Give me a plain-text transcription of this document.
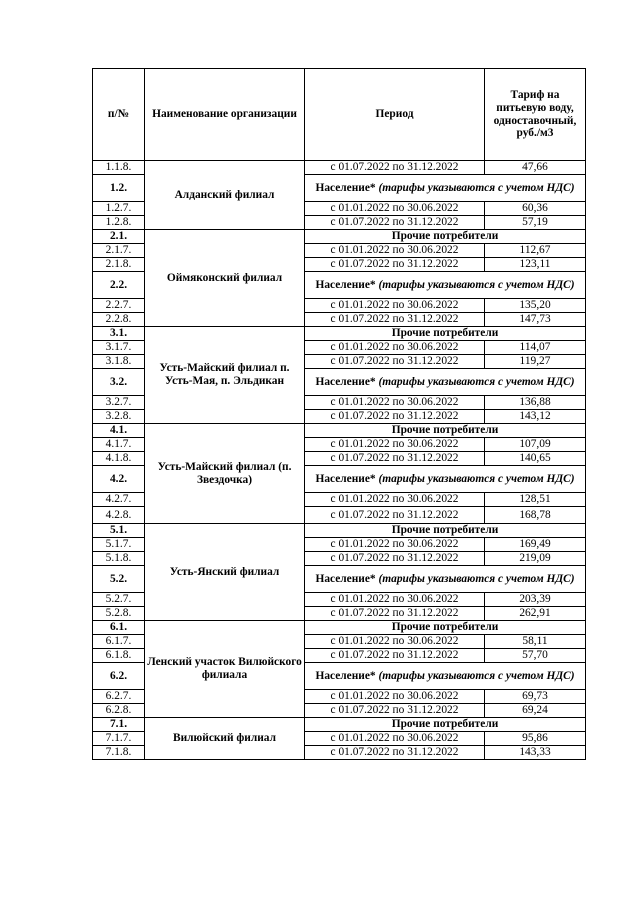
п/№	Наименование организации	Период	Тариф на питьевую воду, одноставочный, руб./м3
1.1.8.	Алданский филиал	с 01.07.2022 по 31.12.2022	47,66
1.2.		Население* (тарифы указываются с учетом НДС)	
1.2.7.		с 01.01.2022 по 30.06.2022	60,36
1.2.8.		с 01.07.2022 по 31.12.2022	57,19
2.1.	Оймяконский филиал	Прочие потребители	
2.1.7.		с 01.01.2022 по 30.06.2022	112,67
2.1.8.		с 01.07.2022 по 31.12.2022	123,11
2.2.		Население* (тарифы указываются с учетом НДС)	
2.2.7.		с 01.01.2022 по 30.06.2022	135,20
2.2.8.		с 01.07.2022 по 31.12.2022	147,73
3.1.	Усть-Майский филиал п. Усть-Мая, п. Эльдикан	Прочие потребители	
3.1.7.		с 01.01.2022 по 30.06.2022	114,07
3.1.8.		с 01.07.2022 по 31.12.2022	119,27
3.2.		Население* (тарифы указываются с учетом НДС)	
3.2.7.		с 01.01.2022 по 30.06.2022	136,88
3.2.8.		с 01.07.2022 по 31.12.2022	143,12
4.1.	Усть-Майский филиал (п. Звездочка)	Прочие потребители	
4.1.7.		с 01.01.2022 по 30.06.2022	107,09
4.1.8.		с 01.07.2022 по 31.12.2022	140,65
4.2.		Население* (тарифы указываются с учетом НДС)	
4.2.7.		с 01.01.2022 по 30.06.2022	128,51
4.2.8.		с 01.07.2022 по 31.12.2022	168,78
5.1.	Усть-Янский филиал	Прочие потребители	
5.1.7.		с 01.01.2022 по 30.06.2022	169,49
5.1.8.		с 01.07.2022 по 31.12.2022	219,09
5.2.		Население* (тарифы указываются с учетом НДС)	
5.2.7.		с 01.01.2022 по 30.06.2022	203,39
5.2.8.		с 01.07.2022 по 31.12.2022	262,91
6.1.	Ленский участок Вилюйского филиала	Прочие потребители	
6.1.7.		с 01.01.2022 по 30.06.2022	58,11
6.1.8.		с 01.07.2022 по 31.12.2022	57,70
6.2.		Население* (тарифы указываются с учетом НДС)	
6.2.7.		с 01.01.2022 по 30.06.2022	69,73
6.2.8.		с 01.07.2022 по 31.12.2022	69,24
7.1.	Вилюйский филиал	Прочие потребители	
7.1.7.		с 01.01.2022 по 30.06.2022	95,86
7.1.8.		с 01.07.2022 по 31.12.2022	143,33
